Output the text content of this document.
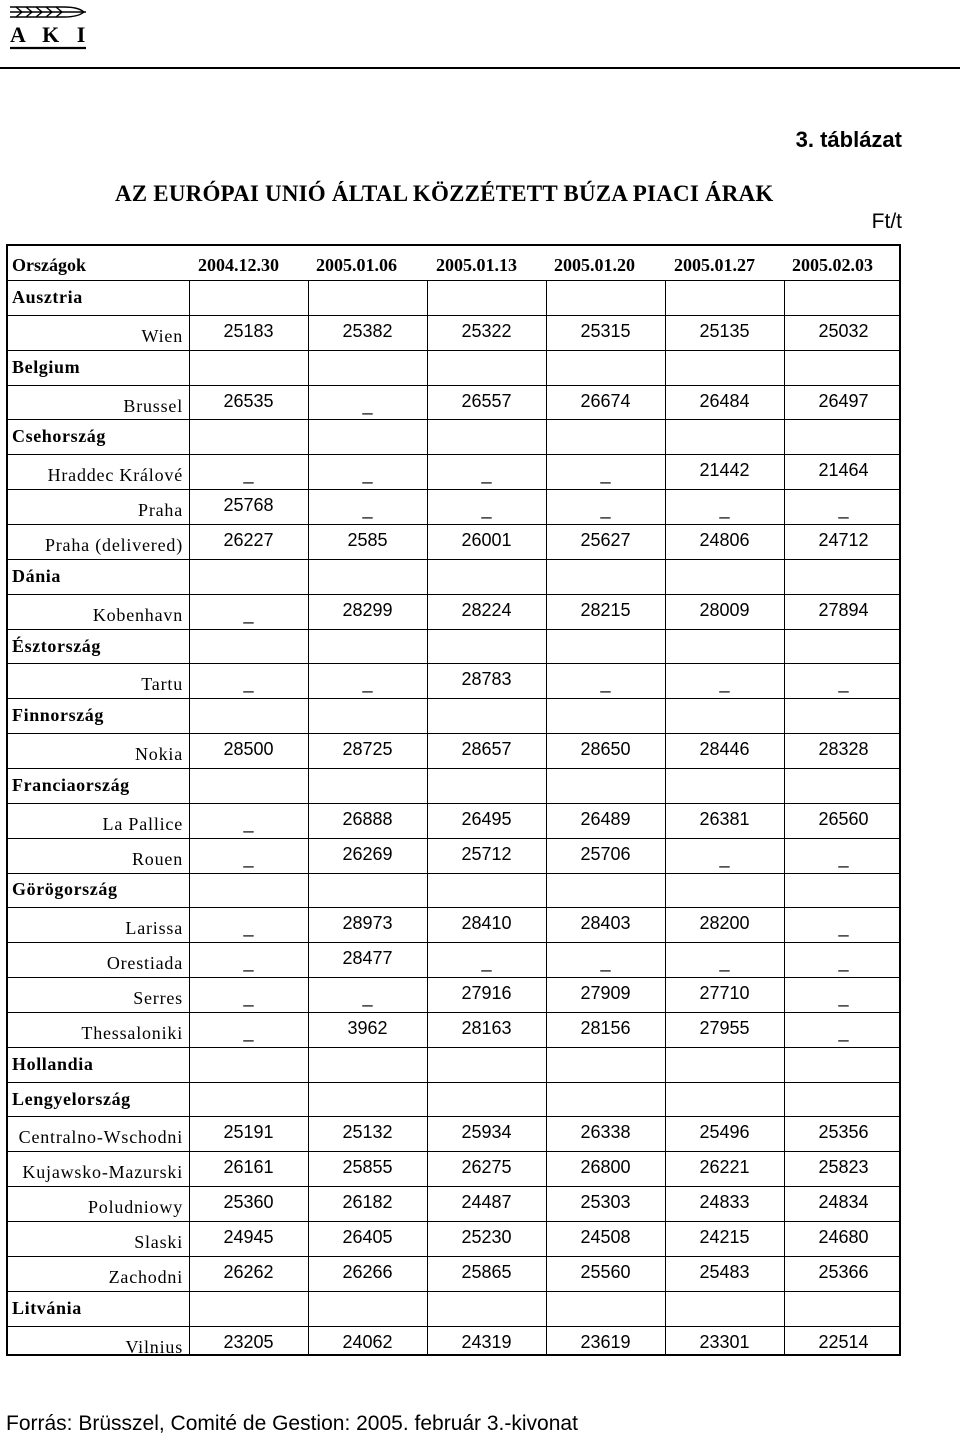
A K I
3. táblázat
AZ EURÓPAI UNIÓ ÁLTAL KÖZZÉTETT BÚZA PIACI ÁRAK
Ft/t
Országok	2004.12.30 2005.01.06 2005.01.13 2005.01.20 2005.01.27 2005.02.03
Ausztria
Wien	25183	25382	25322	25315	25135	25032
Belgium
Brussel	26535	_	26557	26674	26484	26497
Csehország
Hraddec Králové	_	_	_	_	21442	21464
Praha	25768	_	_	_	_	_
Praha (delivered)	26227	2585	26001	25627	24806	24712
Dánia
Kobenhavn	_	28299	28224	28215	28009	27894
Észtország
Tartu	_	_	28783	_	_	_
Finnország
Nokia	28500	28725	28657	28650	28446	28328
Franciaország
La Pallice	_	26888	26495	26489	26381	26560
Rouen	_	26269	25712	25706	_	_
Görögország
Larissa	_	28973	28410	28403	28200	_
Orestiada	_	28477	_	_	_	_
Serres	_	_	27916	27909	27710	_
Thessaloniki	_	3962	28163	28156	27955	_
Hollandia
Lengyelország
Centralno-Wschodni	25191	25132	25934	26338	25496	25356
Kujawsko-Mazurski	26161	25855	26275	26800	26221	25823
Poludniowy	25360	26182	24487	25303	24833	24834
Slaski	24945	26405	25230	24508	24215	24680
Zachodni	26262	26266	25865	25560	25483	25366
Litvánia
Vilnius	23205	24062	24319	23619	23301	22514
Forrás: Brüsszel, Comité de Gestion: 2005. február 3.-kivonat
